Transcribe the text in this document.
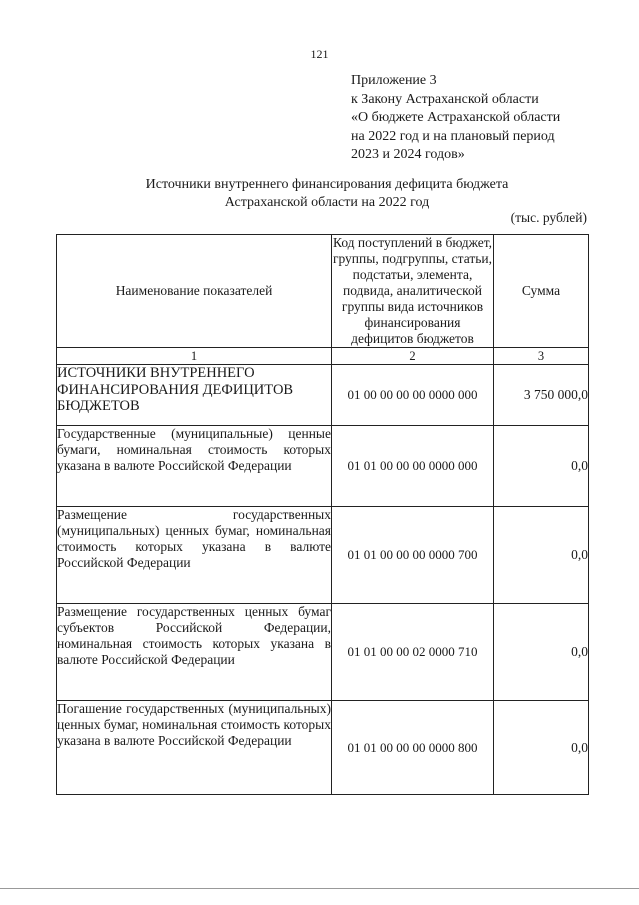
121
Приложение 3
к Закону Астраханской области
«О бюджете Астраханской области
на 2022 год и на плановый период
2023 и 2024 годов»
Источники внутреннего финансирования дефицита бюджета
Астраханской области на 2022 год
(тыс. рублей)
Наименование показателей	Код поступлений в бюджет, группы, подгруппы, статьи, подстатьи, элемента, подвида, аналитической группы вида источников финансирования дефицитов бюджетов	Сумма
1	2	3
ИСТОЧНИКИ ВНУТРЕННЕГО ФИНАНСИРОВАНИЯ ДЕФИЦИТОВ БЮДЖЕТОВ	01 00 00 00 00 0000 000	3 750 000,0
Государственные (муниципальные) ценные бумаги, номинальная стоимость которых указана в валюте Российской Федерации	01 01 00 00 00 0000 000	0,0
Размещение государственных (муниципальных) ценных бумаг, номинальная стоимость которых указана в валюте Российской Федерации	01 01 00 00 00 0000 700	0,0
Размещение государственных ценных бумаг субъектов Российской Федерации, номинальная стоимость которых указана в валюте Российской Федерации	01 01 00 00 02 0000 710	0,0
Погашение государственных (муниципальных) ценных бумаг, номинальная стоимость которых указана в валюте Российской Федерации	01 01 00 00 00 0000 800	0,0
